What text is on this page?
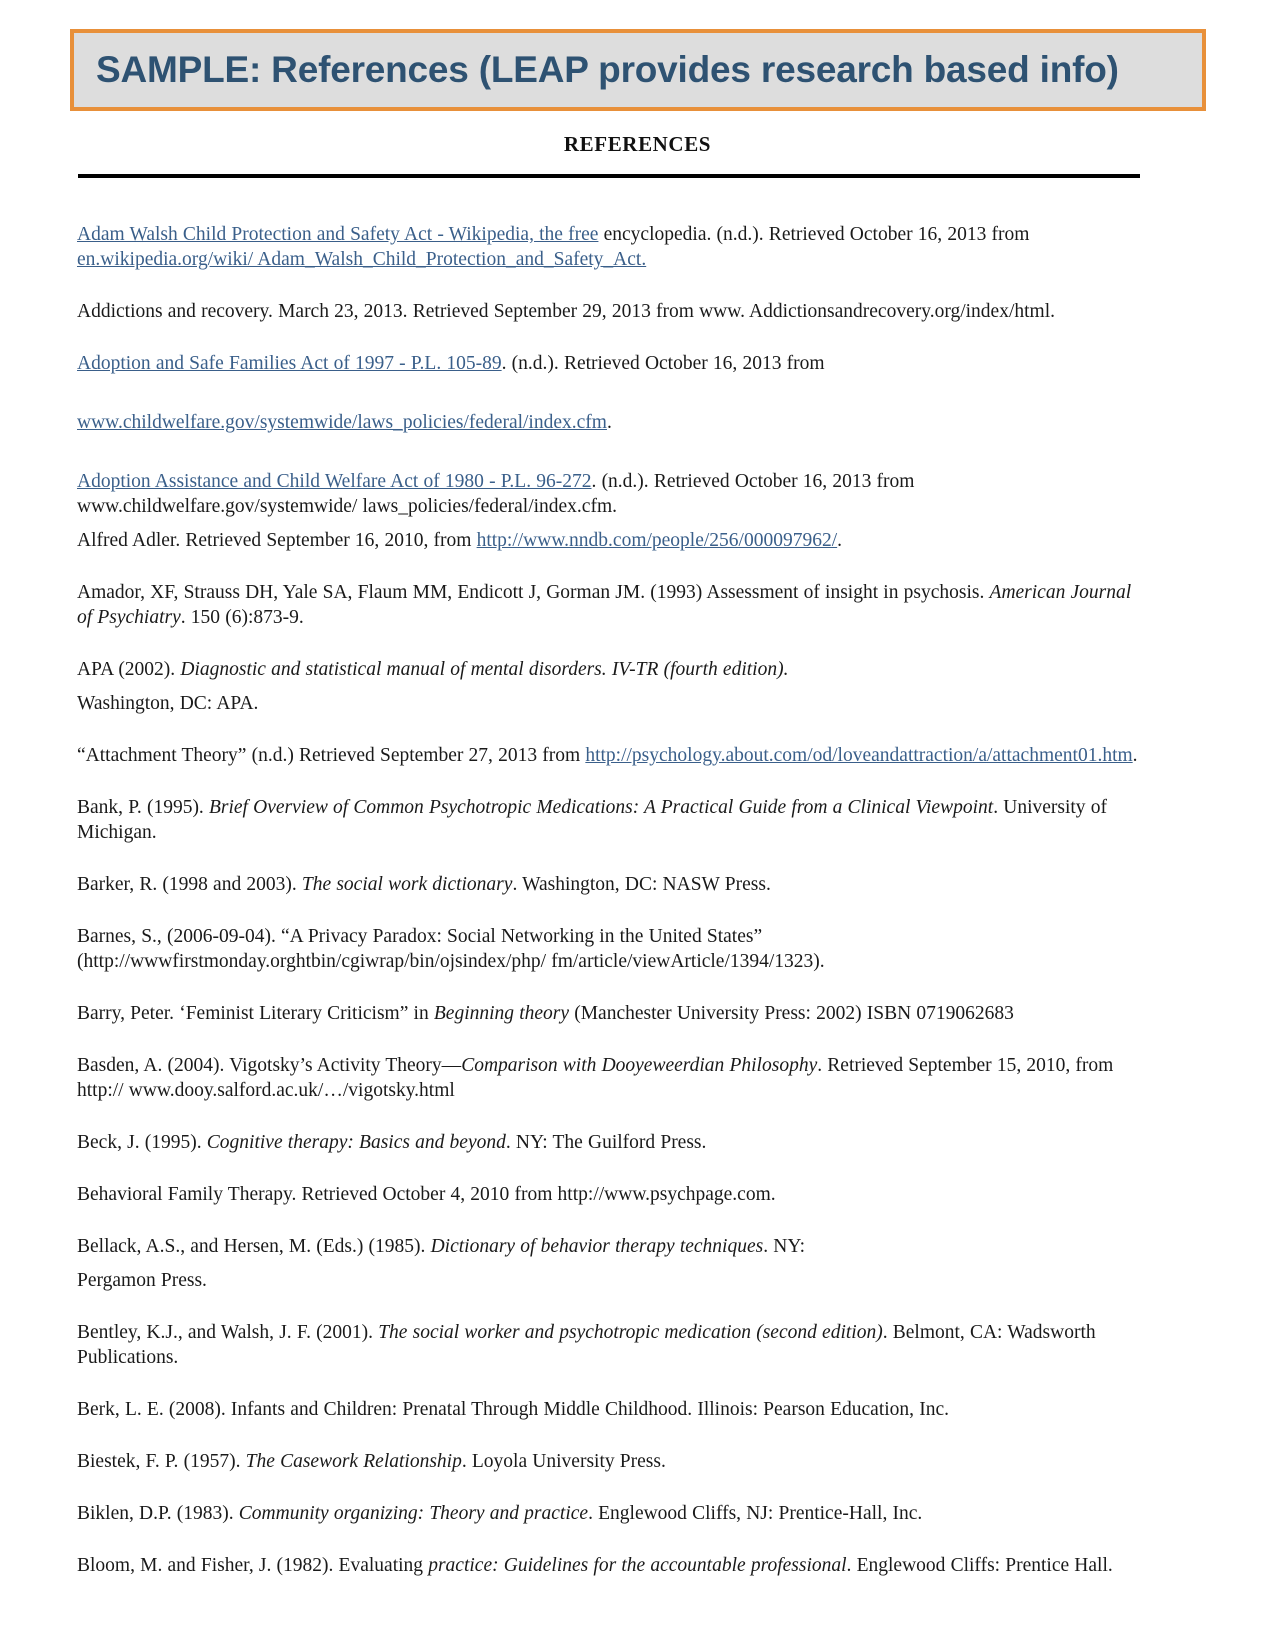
SAMPLE: References (LEAP provides research based info)
REFERENCES

Adam Walsh Child Protection and Safety Act - Wikipedia, the free encyclopedia. (n.d.). Retrieved October 16, 2013 from en.wikipedia.org/wiki/ Adam_Walsh_Child_Protection_and_Safety_Act.

Addictions and recovery. March 23, 2013. Retrieved September 29, 2013 from www. Addictionsandrecovery.org/index/html.

Adoption and Safe Families Act of 1997 - P.L. 105-89. (n.d.). Retrieved October 16, 2013 from

www.childwelfare.gov/systemwide/laws_policies/federal/index.cfm.

Adoption Assistance and Child Welfare Act of 1980 - P.L. 96-272. (n.d.). Retrieved October 16, 2013 from www.childwelfare.gov/systemwide/ laws_policies/federal/index.cfm.

Alfred Adler. Retrieved September 16, 2010, from http://www.nndb.com/people/256/000097962/.

Amador, XF, Strauss DH, Yale SA, Flaum MM, Endicott J, Gorman JM. (1993) Assessment of insight in psychosis. American Journal of Psychiatry. 150 (6):873-9.

APA (2002). Diagnostic and statistical manual of mental disorders. IV-TR (fourth edition).

Washington, DC: APA.

“Attachment Theory” (n.d.) Retrieved September 27, 2013 from http://psychology.about.com/od/loveandattraction/a/attachment01.htm.

Bank, P. (1995). Brief Overview of Common Psychotropic Medications: A Practical Guide from a Clinical Viewpoint. University of Michigan.

Barker, R. (1998 and 2003). The social work dictionary. Washington, DC: NASW Press.

Barnes, S., (2006-09-04). “A Privacy Paradox: Social Networking in the United States” (http://wwwfirstmonday.orghtbin/cgiwrap/bin/ojsindex/php/ fm/article/viewArticle/1394/1323).

Barry, Peter. ‘Feminist Literary Criticism” in Beginning theory (Manchester University Press: 2002) ISBN 0719062683

Basden, A. (2004). Vigotsky’s Activity Theory—Comparison with Dooyeweerdian Philosophy. Retrieved September 15, 2010, from http:// www.dooy.salford.ac.uk/…/vigotsky.html

Beck, J. (1995). Cognitive therapy: Basics and beyond. NY: The Guilford Press.

Behavioral Family Therapy. Retrieved October 4, 2010 from http://www.psychpage.com.

Bellack, A.S., and Hersen, M. (Eds.) (1985). Dictionary of behavior therapy techniques. NY:

Pergamon Press.

Bentley, K.J., and Walsh, J. F. (2001). The social worker and psychotropic medication (second edition). Belmont, CA: Wadsworth Publications.

Berk, L. E. (2008). Infants and Children: Prenatal Through Middle Childhood. Illinois: Pearson Education, Inc.

Biestek, F. P. (1957). The Casework Relationship. Loyola University Press.

Biklen, D.P. (1983). Community organizing: Theory and practice. Englewood Cliffs, NJ: Prentice-Hall, Inc.

Bloom, M. and Fisher, J. (1982). Evaluating practice: Guidelines for the accountable professional. Englewood Cliffs: Prentice Hall.
